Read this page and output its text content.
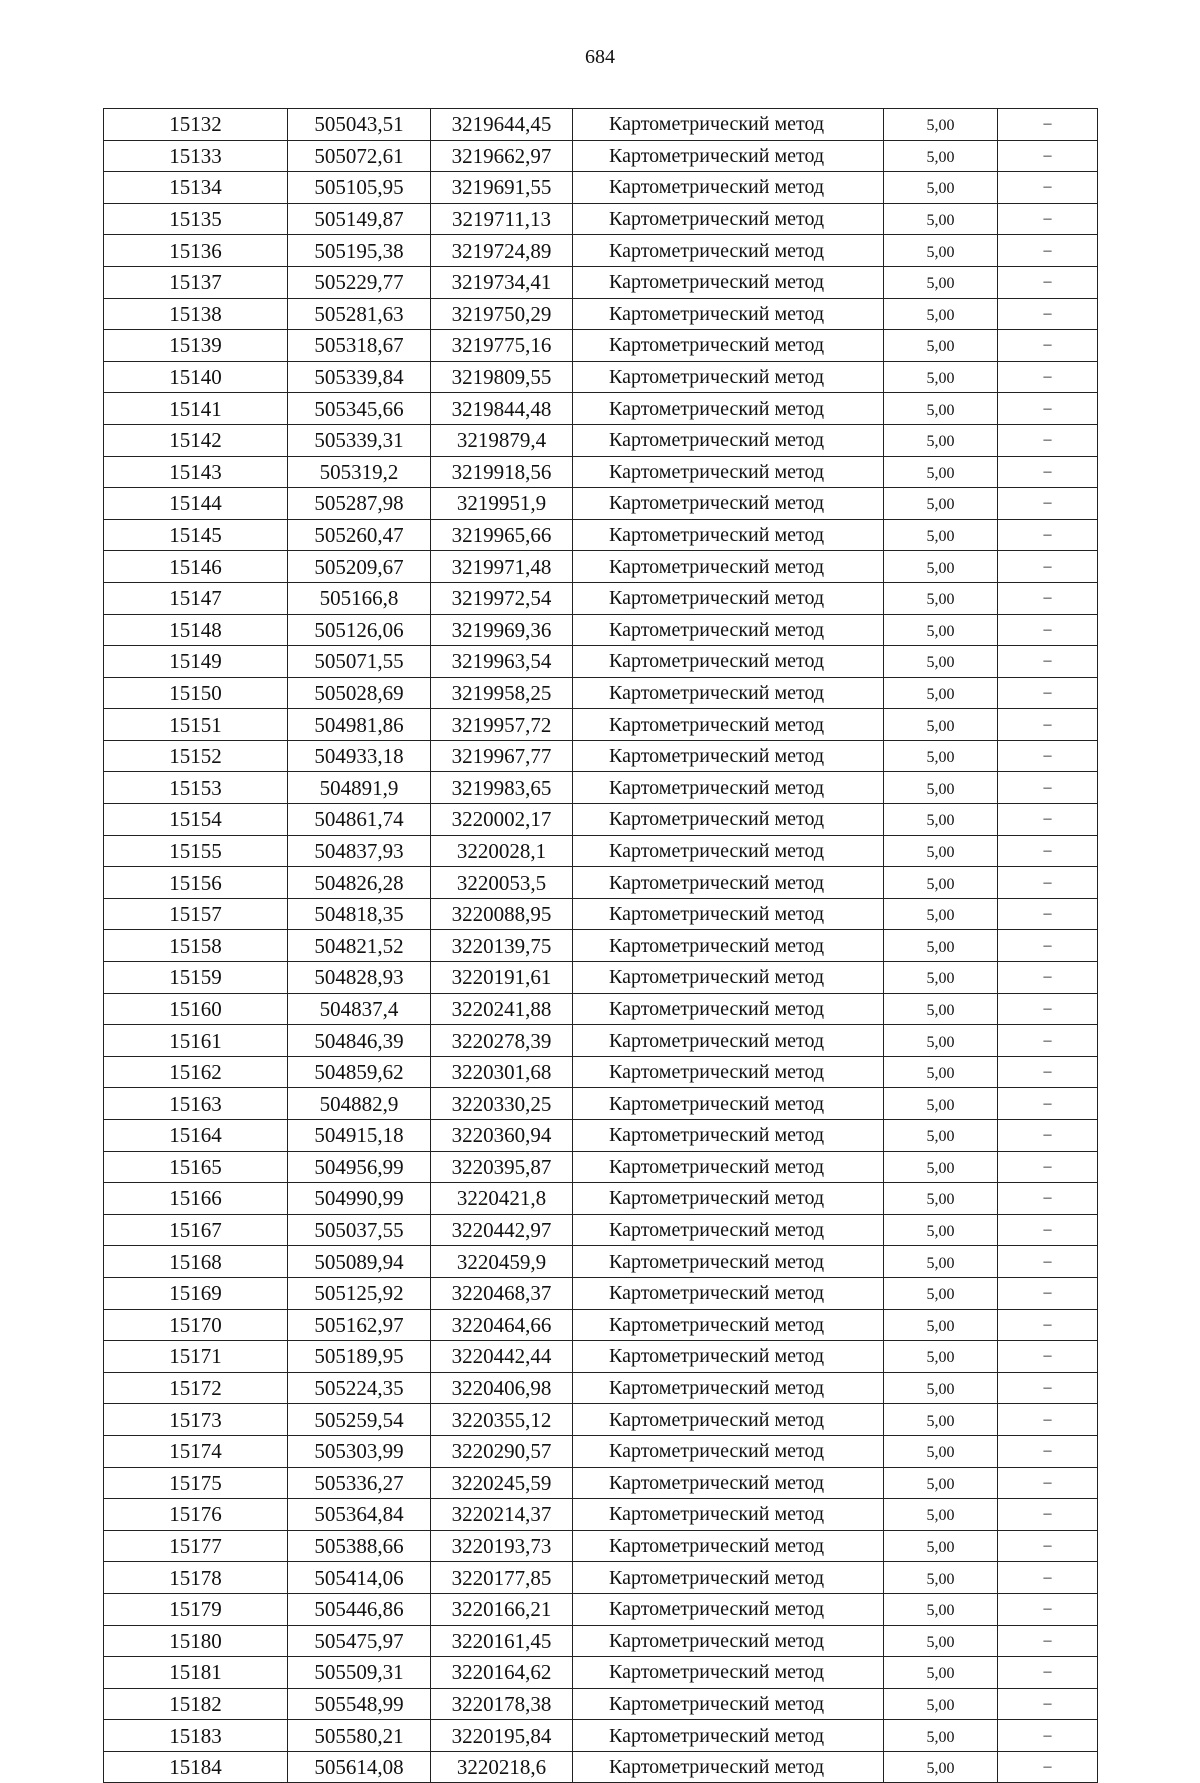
684
15132	505043,51	3219644,45	Картометрический метод	5,00	–
15133	505072,61	3219662,97	Картометрический метод	5,00	–
15134	505105,95	3219691,55	Картометрический метод	5,00	–
15135	505149,87	3219711,13	Картометрический метод	5,00	–
15136	505195,38	3219724,89	Картометрический метод	5,00	–
15137	505229,77	3219734,41	Картометрический метод	5,00	–
15138	505281,63	3219750,29	Картометрический метод	5,00	–
15139	505318,67	3219775,16	Картометрический метод	5,00	–
15140	505339,84	3219809,55	Картометрический метод	5,00	–
15141	505345,66	3219844,48	Картометрический метод	5,00	–
15142	505339,31	3219879,4	Картометрический метод	5,00	–
15143	505319,2	3219918,56	Картометрический метод	5,00	–
15144	505287,98	3219951,9	Картометрический метод	5,00	–
15145	505260,47	3219965,66	Картометрический метод	5,00	–
15146	505209,67	3219971,48	Картометрический метод	5,00	–
15147	505166,8	3219972,54	Картометрический метод	5,00	–
15148	505126,06	3219969,36	Картометрический метод	5,00	–
15149	505071,55	3219963,54	Картометрический метод	5,00	–
15150	505028,69	3219958,25	Картометрический метод	5,00	–
15151	504981,86	3219957,72	Картометрический метод	5,00	–
15152	504933,18	3219967,77	Картометрический метод	5,00	–
15153	504891,9	3219983,65	Картометрический метод	5,00	–
15154	504861,74	3220002,17	Картометрический метод	5,00	–
15155	504837,93	3220028,1	Картометрический метод	5,00	–
15156	504826,28	3220053,5	Картометрический метод	5,00	–
15157	504818,35	3220088,95	Картометрический метод	5,00	–
15158	504821,52	3220139,75	Картометрический метод	5,00	–
15159	504828,93	3220191,61	Картометрический метод	5,00	–
15160	504837,4	3220241,88	Картометрический метод	5,00	–
15161	504846,39	3220278,39	Картометрический метод	5,00	–
15162	504859,62	3220301,68	Картометрический метод	5,00	–
15163	504882,9	3220330,25	Картометрический метод	5,00	–
15164	504915,18	3220360,94	Картометрический метод	5,00	–
15165	504956,99	3220395,87	Картометрический метод	5,00	–
15166	504990,99	3220421,8	Картометрический метод	5,00	–
15167	505037,55	3220442,97	Картометрический метод	5,00	–
15168	505089,94	3220459,9	Картометрический метод	5,00	–
15169	505125,92	3220468,37	Картометрический метод	5,00	–
15170	505162,97	3220464,66	Картометрический метод	5,00	–
15171	505189,95	3220442,44	Картометрический метод	5,00	–
15172	505224,35	3220406,98	Картометрический метод	5,00	–
15173	505259,54	3220355,12	Картометрический метод	5,00	–
15174	505303,99	3220290,57	Картометрический метод	5,00	–
15175	505336,27	3220245,59	Картометрический метод	5,00	–
15176	505364,84	3220214,37	Картометрический метод	5,00	–
15177	505388,66	3220193,73	Картометрический метод	5,00	–
15178	505414,06	3220177,85	Картометрический метод	5,00	–
15179	505446,86	3220166,21	Картометрический метод	5,00	–
15180	505475,97	3220161,45	Картометрический метод	5,00	–
15181	505509,31	3220164,62	Картометрический метод	5,00	–
15182	505548,99	3220178,38	Картометрический метод	5,00	–
15183	505580,21	3220195,84	Картометрический метод	5,00	–
15184	505614,08	3220218,6	Картометрический метод	5,00	–
